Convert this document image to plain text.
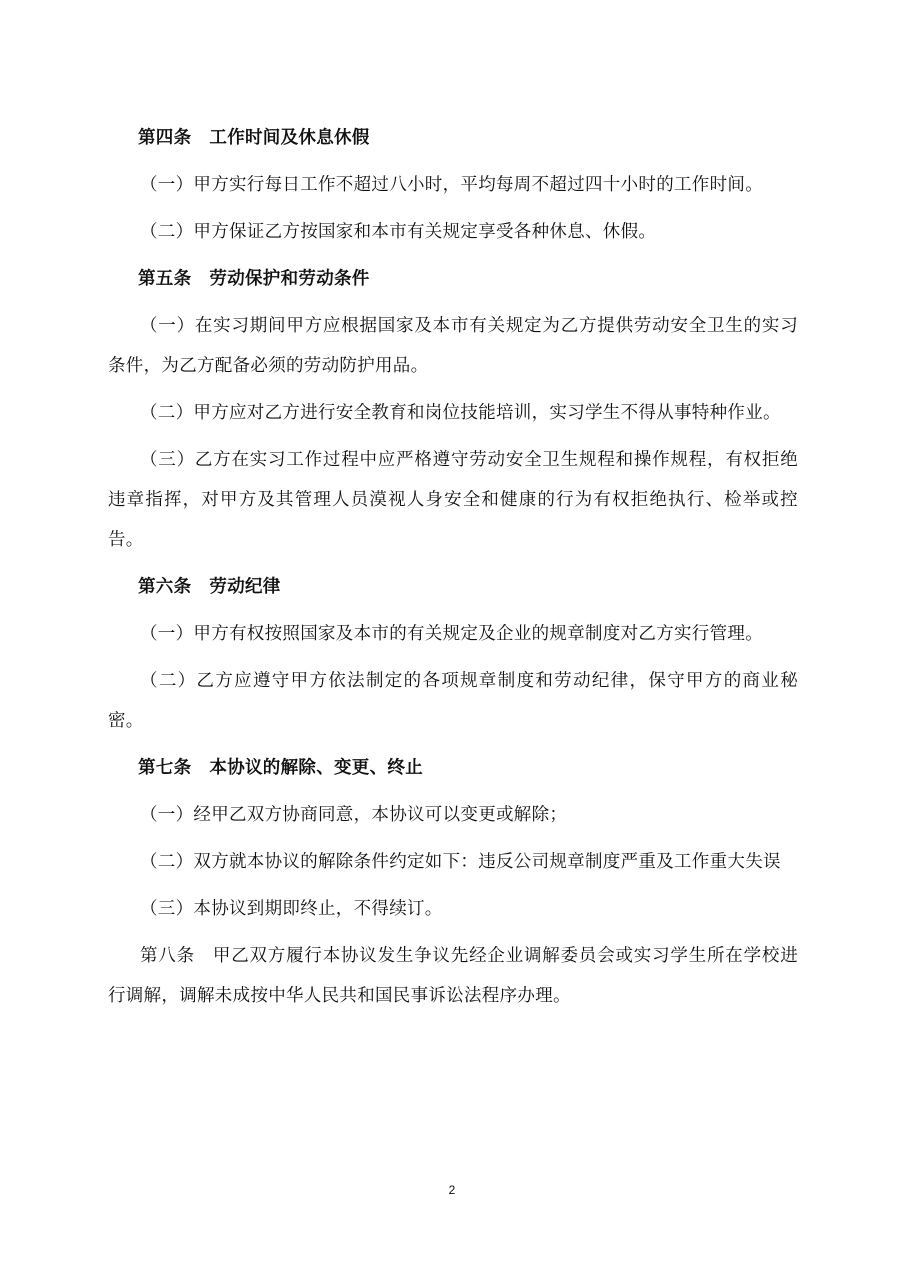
第四条 工作时间及休息休假

（一）甲方实行每日工作不超过八小时，平均每周不超过四十小时的工作时间。

（二）甲方保证乙方按国家和本市有关规定享受各种休息、休假。

第五条 劳动保护和劳动条件

（一）在实习期间甲方应根据国家及本市有关规定为乙方提供劳动安全卫生的实习条件，为乙方配备必须的劳动防护用品。

（二）甲方应对乙方进行安全教育和岗位技能培训，实习学生不得从事特种作业。

（三）乙方在实习工作过程中应严格遵守劳动安全卫生规程和操作规程，有权拒绝违章指挥，对甲方及其管理人员漠视人身安全和健康的行为有权拒绝执行、检举或控告。

第六条 劳动纪律

（一）甲方有权按照国家及本市的有关规定及企业的规章制度对乙方实行管理。

（二）乙方应遵守甲方依法制定的各项规章制度和劳动纪律，保守甲方的商业秘密。

第七条 本协议的解除、变更、终止

（一）经甲乙双方协商同意，本协议可以变更或解除；

（二）双方就本协议的解除条件约定如下：违反公司规章制度严重及工作重大失误

（三）本协议到期即终止，不得续订。

第八条 甲乙双方履行本协议发生争议先经企业调解委员会或实习学生所在学校进行调解，调解未成按中华人民共和国民事诉讼法程序办理。

2
